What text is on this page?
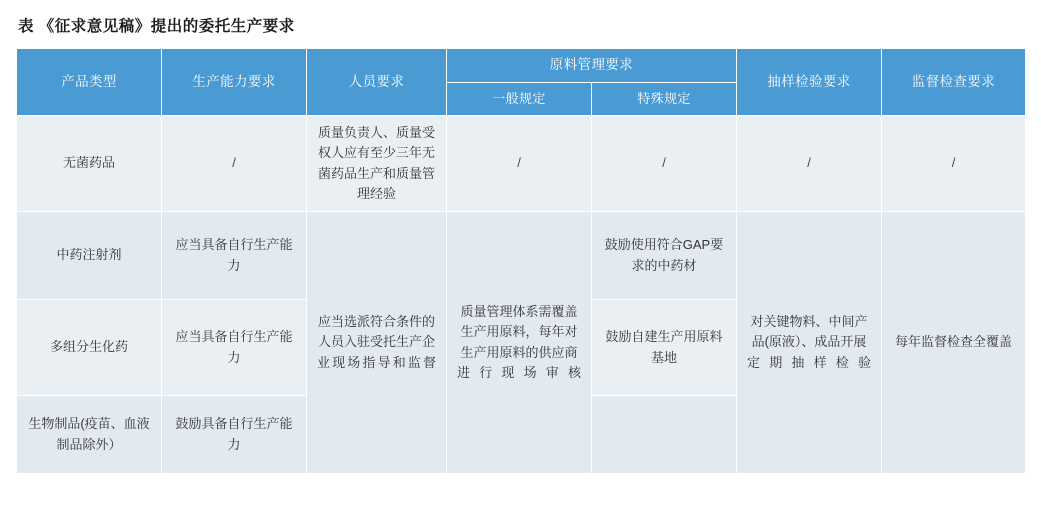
表 《征求意见稿》提出的委托生产要求
产品类型	生产能力要求	人员要求	原料管理要求		抽样检验要求	监督检查要求
			一般规定	特殊规定		
无菌药品	/	质量负责人、质量受权人应有至少三年无菌药品生产和质量管理经验	/	/	/	/
中药注射剂	应当具备自行生产能力	应当选派符合条件的人员入驻受托生产企业现场指导和监督	质量管理体系需覆盖生产用原料，每年对生产用原料的供应商进行现场审核	鼓励使用符合GAP要求的中药材	对关键物料、中间产品(原液）、成品开展定期抽样检验	每年监督检查全覆盖
多组分生化药	应当具备自行生产能力			鼓励自建生产用原料基地		
生物制品(疫苗、血液制品除外）	鼓励具备自行生产能力					
